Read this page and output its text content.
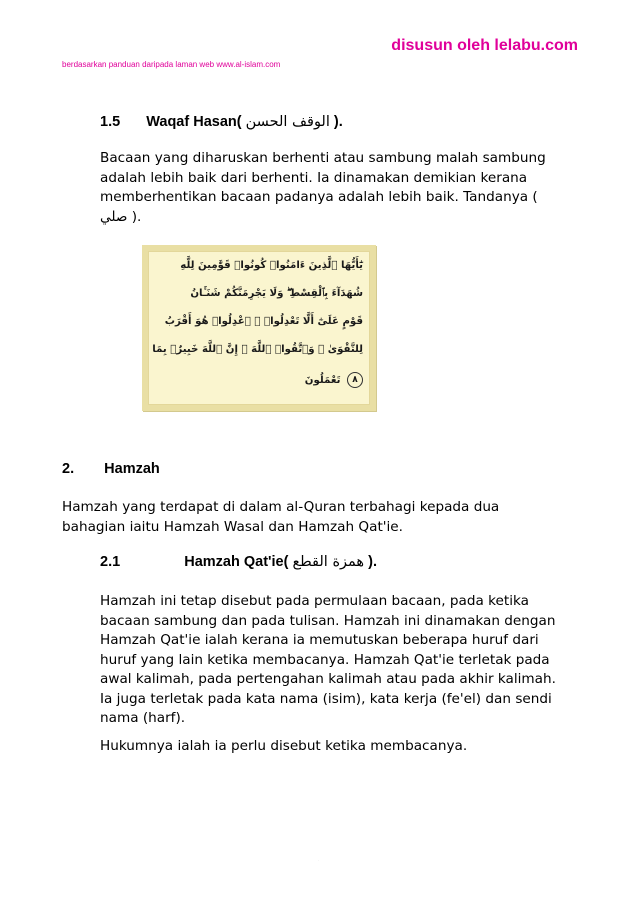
disusun oleh lelabu.com
berdasarkan panduan daripada laman web www.al-islam.com
1.5 Waqaf Hasan( الوقف الحسن ).

Bacaan yang diharuskan berhenti atau sambung malah sambung

adalah lebih baik dari berhenti. Ia dinamakan demikian kerana

memberhentikan bacaan padanya adalah lebih baik. Tandanya (

صلي ).

يَٰٓأَيُّهَا ٱلَّذِينَ ءَامَنُوا۟ كُونُوا۟ قَوَّٰمِينَ لِلَّهِ
شُهَدَآءَ بِٱلْقِسْطِ ۖ وَلَا يَجْرِمَنَّكُمْ شَنَـَٔانُ
قَوْمٍ عَلَىٰٓ أَلَّا تَعْدِلُوا۟ ۚ ٱعْدِلُوا۟ هُوَ أَقْرَبُ
لِلتَّقْوَىٰ ۖ وَٱتَّقُوا۟ ٱللَّهَ ۚ إِنَّ ٱللَّهَ خَبِيرٌۢ بِمَا
٨ تَعْمَلُونَ
2. Hamzah

Hamzah yang terdapat di dalam al-Quran terbahagi kepada dua

bahagian iaitu Hamzah Wasal dan Hamzah Qat'ie.

2.1	Hamzah Qat'ie( همزة القطع ).

Hamzah ini tetap disebut pada permulaan bacaan, pada ketika

bacaan sambung dan pada tulisan. Hamzah ini dinamakan dengan

Hamzah Qat'ie ialah kerana ia memutuskan beberapa huruf dari

huruf yang lain ketika membacanya. Hamzah Qat'ie terletak pada

awal kalimah, pada pertengahan kalimah atau pada akhir kalimah.

Ia juga terletak pada kata nama (isim), kata kerja (fe'el) dan sendi

nama (harf).

Hukumnya ialah ia perlu disebut ketika membacanya.
·
